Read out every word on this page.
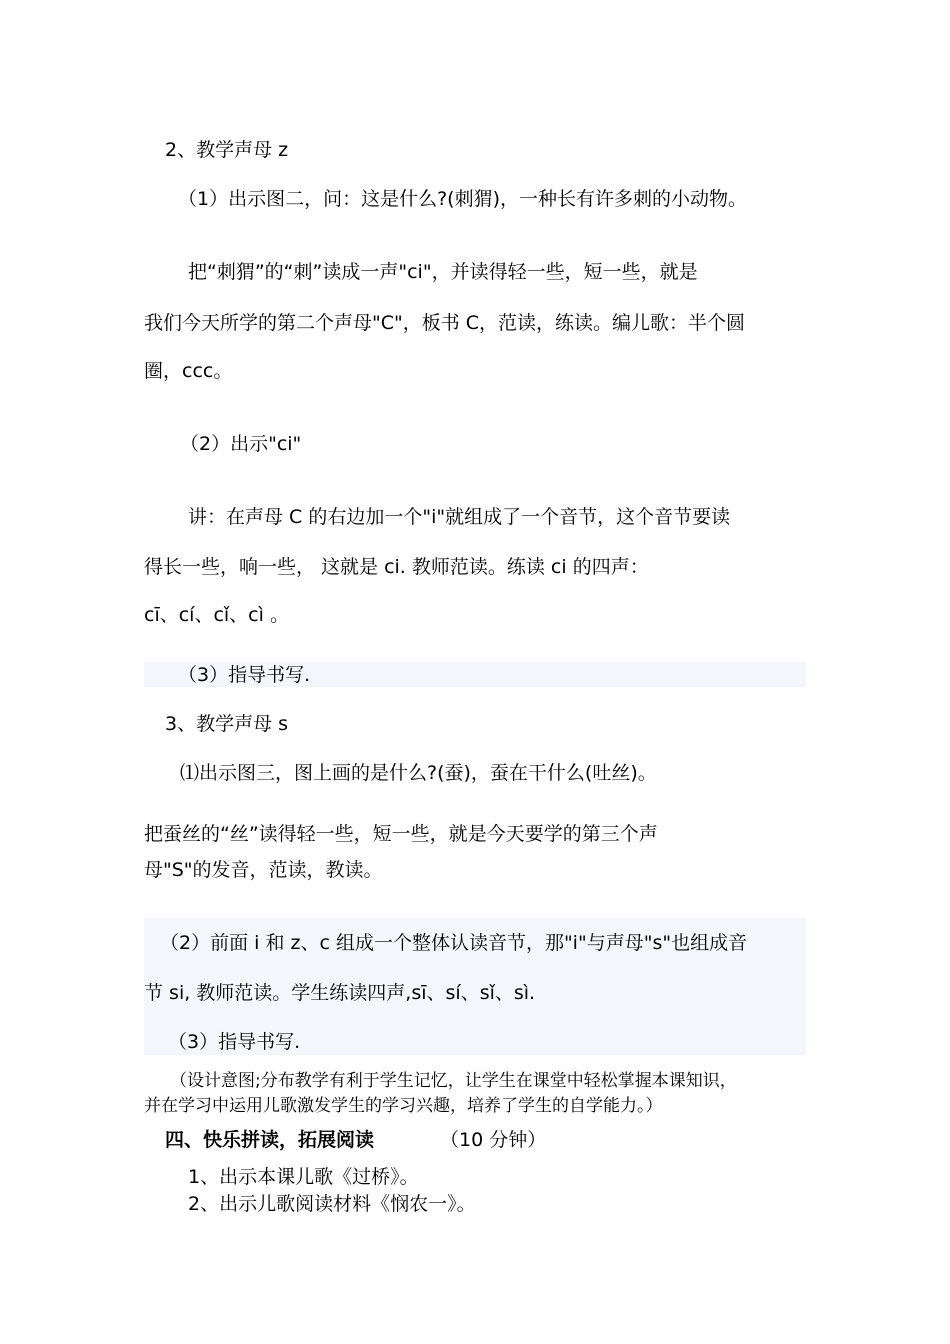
2、教学声母 z
（1）出示图二，问：这是什么?(刺猬)，一种长有许多刺的小动物。
把“刺猬”的“刺”读成一声"ci"，并读得轻一些，短一些，就是
我们今天所学的第二个声母"C"，板书 C，范读，练读。编儿歌：半个圆
圈，ccc。
（2）出示"ci"
讲：在声母 C 的右边加一个"i"就组成了一个音节，这个音节要读
得长一些，响一些， 这就是 ci. 教师范读。练读 ci 的四声：
cī、cí、cǐ、cì 。
（3）指导书写.
3、教学声母 s
⑴出示图三，图上画的是什么?(蚕)，蚕在干什么(吐丝)。
把蚕丝的“丝”读得轻一些，短一些，就是今天要学的第三个声
母"S"的发音，范读，教读。
（2）前面 i 和 z、c 组成一个整体认读音节，那"i"与声母"s"也组成音
节 si, 教师范读。学生练读四声,sī、sí、sǐ、sì.
（3）指导书写.
（设计意图;分布教学有利于学生记忆，让学生在课堂中轻松掌握本课知识，
并在学习中运用儿歌激发学生的学习兴趣，培养了学生的自学能力。）
四、快乐拼读，拓展阅读	（10 分钟）
1、出示本课儿歌《过桥》。
2、出示儿歌阅读材料《悯农一》。
